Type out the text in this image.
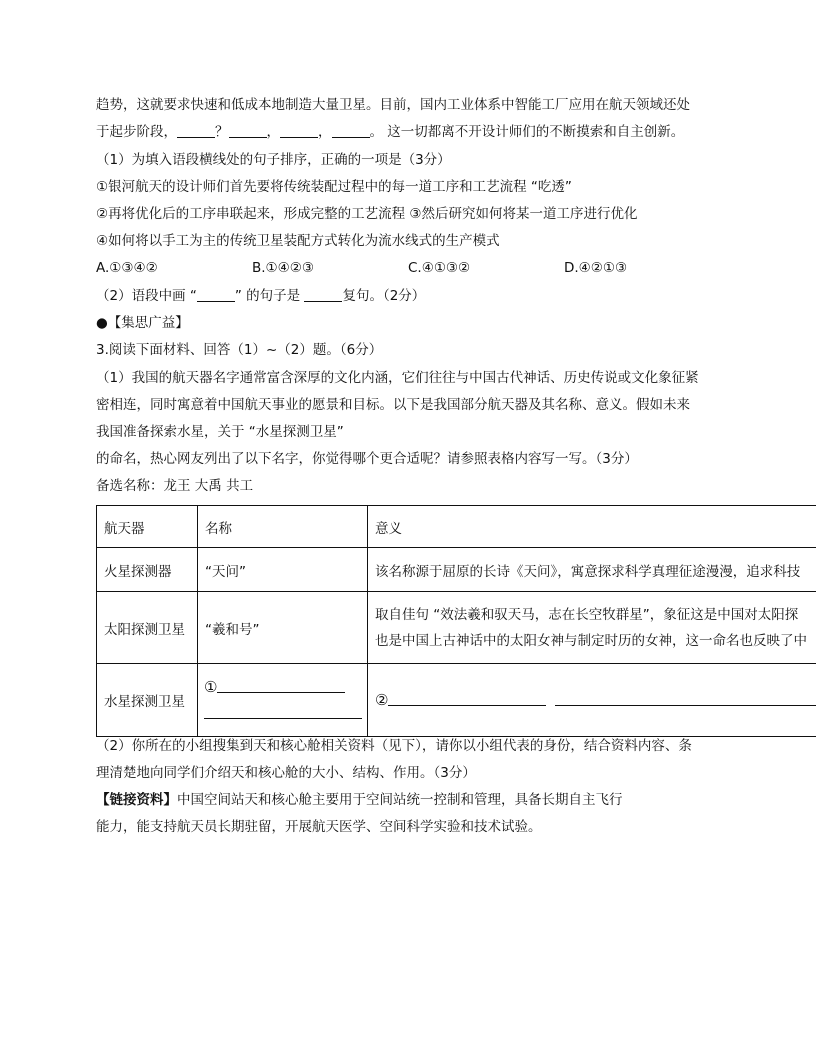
趋势，这就要求快速和低成本地制造大量卫星。目前，国内工业体系中智能工厂应用在航天领域还处
于起步阶段，	？	，	，	。 这一切都离不开设计师们的不断摸索和自主创新。
（1）为填入语段横线处的句子排序，正确的一项是（3分）
①银河航天的设计师们首先要将传统装配过程中的每一道工序和工艺流程 “吃透”
②再将优化后的工序串联起来，形成完整的工艺流程 ③然后研究如何将某一道工序进行优化
④如何将以手工为主的传统卫星装配方式转化为流水线式的生产模式
A.①③④②	B.①④②③	C.④①③②	D.④②①③
（2）语段中画 “	” 的句子是	复句。（2分）
●【集思广益】
3.阅读下面材料、回答（1）~（2）题。（6分）
（1）我国的航天器名字通常富含深厚的文化内涵，它们往往与中国古代神话、历史传说或文化象征紧
密相连，同时寓意着中国航天事业的愿景和目标。以下是我国部分航天器及其名称、意义。假如未来
我国准备探索水星，关于 “水星探测卫星”
的命名，热心网友列出了以下名字，你觉得哪个更合适呢？请参照表格内容写一写。（3分）
备选名称：龙王 大禹 共工
航天器	名称	意义
火星探测器	“天问”	该名称源于屈原的长诗《天问》，寓意探求科学真理征途漫漫，追求科技
太阳探测卫星	“羲和号”	取自佳句 “效法羲和驭天马，志在长空牧群星”，象征这是中国对太阳探
也是中国上古神话中的太阳女神与制定时历的女神，这一命名也反映了中

水星探测卫星	①	②
（2）你所在的小组搜集到天和核心舱相关资料（见下），请你以小组代表的身份，结合资料内容、条
理清楚地向同学们介绍天和核心舱的大小、结构、作用。（3分）
【链接资料】中国空间站天和核心舱主要用于空间站统一控制和管理，具备长期自主飞行
能力，能支持航天员长期驻留，开展航天医学、空间科学实验和技术试验。
